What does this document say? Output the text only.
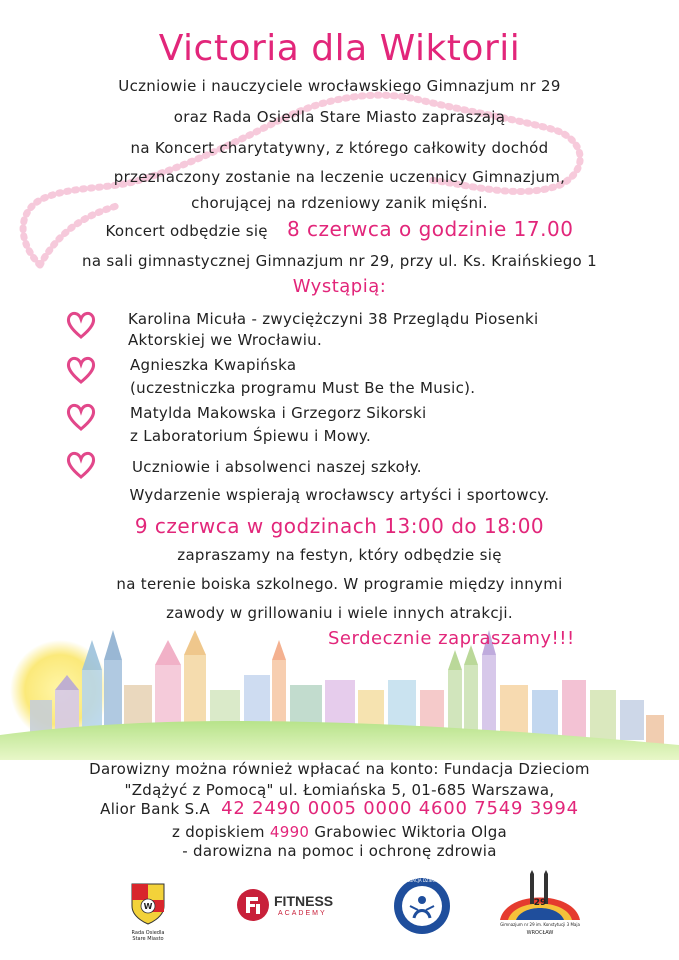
Victoria dla Wiktorii
Uczniowie i nauczyciele wrocławskiego Gimnazjum nr 29
oraz Rada Osiedla Stare Miasto zapraszają
na Koncert charytatywny, z którego całkowity dochód
przeznaczony zostanie na leczenie uczennicy Gimnazjum,
chorującej na rdzeniowy zanik mięśni.
Koncert odbędzie się 8 czerwca o godzinie 17.00
na sali gimnastycznej Gimnazjum nr 29, przy ul. Ks. Kraińskiego 1
Wystąpią:
Karolina Micuła - zwyciężczyni 38 Przeglądu Piosenki
Aktorskiej we Wrocławiu.
Agnieszka Kwapińska
(uczestniczka programu Must Be the Music).
Matylda Makowska i Grzegorz Sikorski
z Laboratorium Śpiewu i Mowy.
Uczniowie i absolwenci naszej szkoły.
Wydarzenie wspierają wrocławscy artyści i sportowcy.
9 czerwca w godzinach 13:00 do 18:00
zapraszamy na festyn, który odbędzie się
na terenie boiska szkolnego. W programie między innymi
zawody w grillowaniu i wiele innych atrakcji.
Serdecznie zapraszamy!!!
Darowizny można również wpłacać na konto: Fundacja Dzieciom
"Zdążyć z Pomocą" ul. Łomiańska 5, 01-685 Warszawa,
Alior Bank S.A 42 2490 0005 0000 4600 7549 3994
z dopiskiem 4990 Grabowiec Wiktoria Olga
- darowizna na pomoc i ochronę zdrowia
W
Rada Osiedla Stare Miasto
FITNESS
ACADEMY
FUNDACJA DZIECIOM
29
Gimnazjum nr 29 im. Konstytucji 3 Maja
WROCŁAW
